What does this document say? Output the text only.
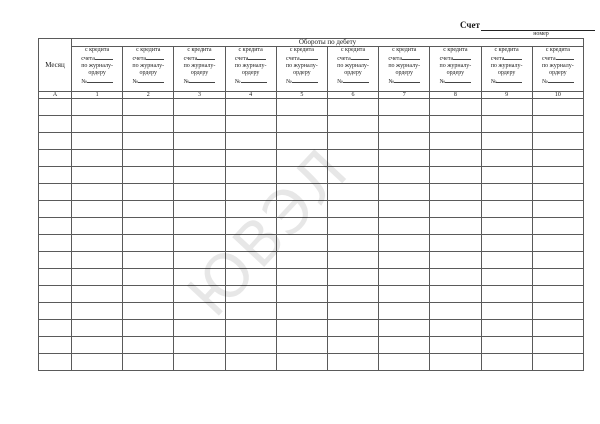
Счет
номер
Месяц	Обороты по дебету									

	с кредита
счета
по журналу-
ордеру
№	с кредита
счета
по журналу-
ордеру
№	с кредита
счета
по журналу-
ордеру
№	с кредита
счета
по журналу-
ордеру
№	с кредита
счета
по журналу-
ордеру
№	с кредита
счета
по журналу-
ордеру
№	с кредита
счета
по журналу-
ордеру
№	с кредита
счета
по журналу-
ордеру
№	с кредита
счета
по журналу-
ордеру
№	с кредита
счета
по журналу-
ордеру
№

А	1	2	3	4	5	6	7	8	9	10

ЮВЭЛ
